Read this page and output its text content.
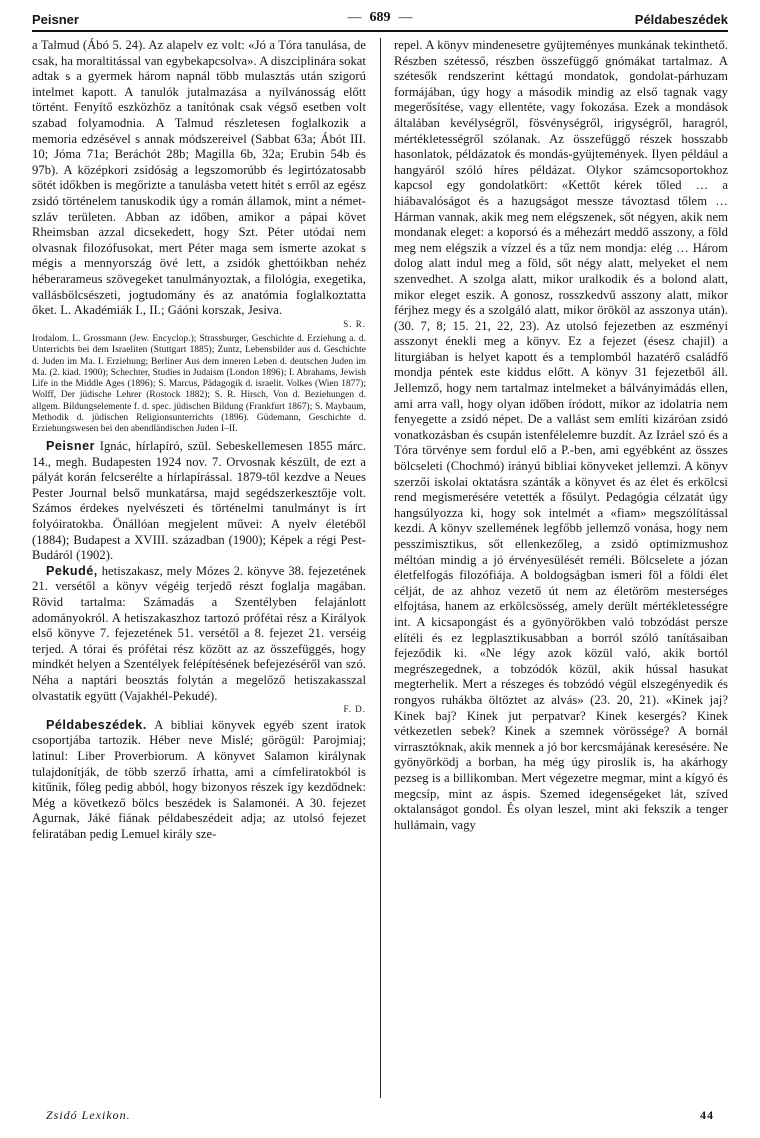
Peisner	— 689 —	Példabeszédek

a Talmud (Ábó 5. 24). Az alapelv ez volt: «Jó a Tóra tanulása, de csak, ha moraltitással van egybekapcsolva». A diszciplinára sokat adtak s a gyermek három napnál több mulasztás után szigorú intelmet kapott. A tanulók jutalmazása a nyilvánosság előtt történt. Fenyítő eszközhöz a tanítónak csak végső esetben volt szabad folyamodnia. A Talmud részletesen foglalkozik a memoria edzésével s annak módszereivel (Sabbat 63a; Ábót III. 10; Jóma 71a; Beráchót 28b; Magilla 6b, 32a; Erubin 54b és 97b). A középkori zsidóság a legszomorúbb és legirtózatosabb sötét időkben is megőrizte a tanulásba vetett hitét s erről az egész zsidó történelem tanuskodik úgy a román államok, mint a német-szláv területen. Abban az időben, amikor a pápai követ Rheimsban azzal dicsekedett, hogy Szt. Péter utódai nem olvasnak filozófusokat, mert Péter maga sem ismerte azokat s mégis a mennyország övé lett, a zsidók ghettóikban nehéz héberarameus szövegeket tanulmányoztak, a filológia, exegetika, vallásbölcsészeti, jogtudomány és az anatómia foglalkoztatta őket. L. Akadémiák I., II.; Gáóni korszak, Jesiva.

S. R.

Irodalom. L. Grossmann (Jew. Encyclop.); Strassburger, Geschichte d. Erziehung a. d. Unterrichts bei dem Israeliten (Stuttgart 1885); Zuntz, Lebensbilder aus d. Geschichte d. Juden im Ma. I. Erziehung; Berliner Aus dem inneren Leben d. deutschen Juden im Ma. (2. kiad. 1900); Schechter, Studies in Judaism (London 1896); I. Abrahams, Jewish Life in the Middle Ages (1896); S. Marcus, Pädagogik d. israelit. Volkes (Wien 1877); Wolff, Der jüdische Lehrer (Rostock 1882); S. R. Hirsch, Von d. Beziehungen d. allgem. Bildungselemente f. d. spec. jüdischen Bildung (Frankfurt 1867); S. Maybaum, Methodik d. jüdischen Religionsunterrichts (1896). Güdemann, Geschichte d. Erziehungswesen bei den abendländischen Juden I–II.

Peisner Ignác, hírlapíró, szül. Sebeskellemesen 1855 márc. 14., megh. Budapesten 1924 nov. 7. Orvosnak készült, de ezt a pályát korán felcserélte a hírlapírással. 1879-től kezdve a Neues Pester Journal belső munkatársa, majd segédszerkesztője volt. Számos érdekes nyelvészeti és történelmi tanulmányt is írt folyóiratokba. Önállóan megjelent művei: A nyelv életéből (1884); Budapest a XVIII. században (1900); Képek a régi Pest-Budáról (1902).

Pekudé, hetiszakasz, mely Mózes 2. könyve 38. fejezetének 21. versétől a könyv végéig terjedő részt foglalja magában. Rövid tartalma: Számadás a Szentélyben felajánlott adományokról. A hetiszakaszhoz tartozó prófétai rész a Királyok első könyve 7. fejezetének 51. versétől a 8. fejezet 21. verséig terjed. A tórai és prófétai rész között az az összefüggés, hogy mindkét helyen a Szentélyek felépítésének befejezéséről van szó. Néha a naptári beosztás folytán a megelőző hetiszakasszal olvastatik együtt (Vajakhél-Pekudé).

F. D.

Példabeszédek. A bibliai könyvek egyéb szent iratok csoportjába tartozik. Héber neve Mislé; görögül: Parojmiaj; latinul: Liber Proverbiorum. A könyvet Salamon királynak tulajdonítják, de több szerző írhatta, ami a címfeliratokból is kitűnik, főleg pedig abból, hogy bizonyos részek így kezdődnek: Még a következő bölcs beszédek is Salamonéi. A 30. fejezet Agurnak, Jáké fiának példabeszédeit adja; az utolsó fejezet feliratában pedig Lemuel király sze-

repel. A könyv mindenesetre gyüjteményes munkának tekinthető. Részben szétesső, részben összefüggő gnómákat tartalmaz. A szétesők rendszerint kéttagú mondatok, gondolat-párhuzam formájában, úgy hogy a második mindig az első tagnak vagy megerősítése, vagy ellentéte, vagy fokozása. Ezek a mondások általában kevélységről, fösvénységről, irigységről, haragról, mértékletességről szólanak. Az összefüggő részek hosszabb hasonlatok, példázatok és mondás-gyüjtemények. Ilyen például a hangyáról szóló híres példázat. Olykor számcsoportokhoz kapcsol egy gondolatkört: «Kettőt kérek tőled … a hiábavalóságot és a hazugságot messze távoztasd tőlem … Hárman vannak, akik meg nem elégszenek, sőt négyen, akik nem mondanak eleget: a koporsó és a méhezárt meddő asszony, a föld meg nem elégszik a vízzel és a tűz nem mondja: elég … Három dolog alatt indul meg a föld, sőt négy alatt, melyeket el nem szenvedhet. A szolga alatt, mikor uralkodik és a bolond alatt, mikor eleget eszik. A gonosz, rosszkedvű asszony alatt, mikor férjhez megy és a szolgáló alatt, mikor örököl az asszonya után). (30. 7, 8; 15. 21, 22, 23). Az utolsó fejezetben az eszményi asszonyt énekli meg a könyv. Ez a fejezet (ésesz chajil) a liturgiában is helyet kapott és a templomból hazatérő családfő mondja péntek este kiddus előtt. A könyv 31 fejezetből áll. Jellemző, hogy nem tartalmaz intelmeket a bálványimádás ellen, ami arra vall, hogy olyan időben íródott, mikor az idolatria nem fenyegette a zsidó népet. De a vallást sem említi kizáróan zsidó vonatkozásban és csupán istenfélelemre buzdít. Az Izráel szó és a Tóra törvénye sem fordul elő a P.-ben, ami egyébként az összes bölcseleti (Chochmó) irányú bibliai könyveket jellemzi. A könyv szerzői iskolai oktatásra szánták a könyvet és az élet és erkölcsi rend megismerésére vetették a fősúlyt. Pedagógia célzatát úgy hangsúlyozza ki, hogy sok intelmét a «fiam» megszólítással kezdi. A könyv szellemének legfőbb jellemző vonása, hogy nem pesszimisztikus, sőt ellenkezőleg, a zsidó optimizmushoz méltóan mindig a jó érvényesülését reméli. Bölcselete a józan életfelfogás filozófiája. A boldogságban ismeri föl a földi élet célját, de az ahhoz vezető út nem az életöröm mesterséges elfojtása, hanem az erkölcsösség, amely derült mértékletességre int. A kicsapongást és a gyönyörökben való tobzódást persze elítéli és ez legplasztikusabban a borról szóló tanításaiban fejeződik ki. «Ne légy azok közül való, akik bortól megrészegednek, a tobzódók közül, akik hússal hasukat megterhelik. Mert a részeges és tobzódó végül elszegényedik és rongyos ruhákba öltöztet az alvás» (23. 20, 21). «Kinek jaj? Kinek baj? Kinek jut perpatvar? Kinek kesergés? Kinek vétkezetlen sebek? Kinek a szemnek vörössége? A bornál virrasztóknak, akik mennek a jó bor kercsmájának keresésére. Ne gyönyörködj a borban, ha még úgy piroslik is, ha akárhogy pezseg is a billikomban. Mert végezetre megmar, mint a kígyó és megcsíp, mint az áspis. Szemed idegenségeket lát, szíved oktalanságot gondol. És olyan leszel, mint aki fekszik a tenger hullámain, vagy

Zsidó Lexikon.	44
